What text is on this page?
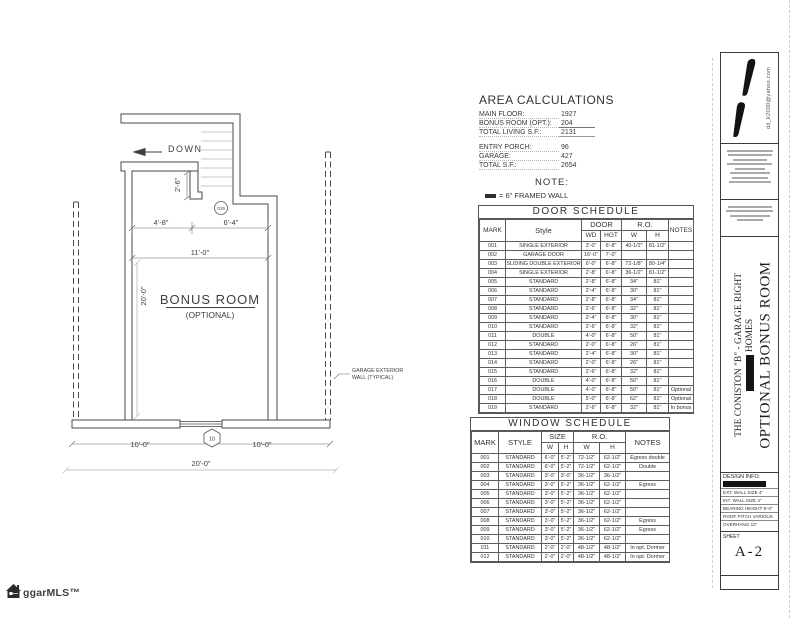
DOWN
2'-6"
019
4'-8"	6'-4"
11'-0"
20'-0" BONUS ROOM
(OPTIONAL)
GARAGE EXTERIOR
WALL (TYPICAL)
10'-0"	10'-0"
10
20'-0"
AREA CALCULATIONS
MAIN FLOOR:	1927
BONUS ROOM (OPT.):	204
TOTAL LIVING S.F.:	2131
ENTRY PORCH:	96
GARAGE:	427
TOTAL S.F.:	2654
NOTE:
= 6" FRAMED WALL
DOOR SCHEDULE
MARK	Style	DOOR		R.O.		NOTES
		WD	HGT	W	H	
001	SINGLE EXTERIOR	3'-0"	6'-8"	40-1/2"	81-1/2"	
002	GARAGE DOOR	16'-0"	7'-0"			
003	SLIDING DOUBLE EXTERIOR	6'-0"	6'-8"	72-1/8"	80-1/4"	
004	SINGLE EXTERIOR	2'-8"	6'-8"	36-1/2"	81-1/2"	
005	STANDARD	2'-8"	6'-8"	34"	81"	
006	STANDARD	2'-4"	6'-8"	30"	81"	
007	STANDARD	2'-8"	6'-8"	34"	81"	
008	STANDARD	2'-6"	6'-8"	32"	81"	
009	STANDARD	2'-4"	6'-8"	30"	81"	
010	STANDARD	2'-6"	6'-8"	32"	81"	
011	DOUBLE	4'-0"	6'-8"	50"	81"	
012	STANDARD	2'-0"	6'-8"	26"	81"	
013	STANDARD	2'-4"	6'-8"	30"	81"	
014	STANDARD	2'-0"	6'-8"	26"	81"	
015	STANDARD	2'-6"	6'-8"	32"	81"	
016	DOUBLE	4'-0"	6'-8"	50"	81"	
017	DOUBLE	4'-0"	6'-8"	50"	81"	Optional
018	DOUBLE	5'-0"	6'-8"	62"	81"	Optional
019	STANDARD	2'-6"	6'-8"	32"	81"	In bonus
WINDOW SCHEDULE
MARK	STYLE	SIZE		R.O.		NOTES
		W	H	W	H	
001	STANDARD	6'-0"	5'-2"	72-1/2"	62-1/2"	Egress double
002	STANDARD	6'-0"	5'-2"	72-1/2"	62-1/2"	Double
003	STANDARD	3'-0"	3'-0"	36-1/2"	36-1/2"	
004	STANDARD	3'-0"	5'-2"	36-1/2"	62-1/2"	Egress
005	STANDARD	3'-0"	5'-2"	36-1/2"	62-1/2"	
006	STANDARD	3'-0"	5'-2"	36-1/2"	62-1/2"	
007	STANDARD	3'-0"	5'-2"	36-1/2"	62-1/2"	
008	STANDARD	3'-0"	5'-2"	36-1/2"	62-1/2"	Egress
009	STANDARD	3'-0"	5'-2"	36-1/2"	62-1/2"	Egress
010	STANDARD	3'-0"	5'-2"	36-1/2"	62-1/2"	
011	STANDARD	2'-0"	2'-0"	48-1/2"	48-1/2"	In opt. Dormer
012	STANDARD	2'-0"	2'-0"	48-1/2"	48-1/2"	In opt. Dormer
dd_k2000@yahoo.com
THE CONISTON "B" - GARAGE RIGHT HOMES OPTIONAL BONUS ROOM
DESIGN INFO.
EXT. WALL SIZE 4"
INT. WALL SIZE 4"
BEARING HEIGHT 9'-0"
ROOF PITCH VARIOUS
OVERHANG 12"
SHEET
A-2
ggarMLS™
